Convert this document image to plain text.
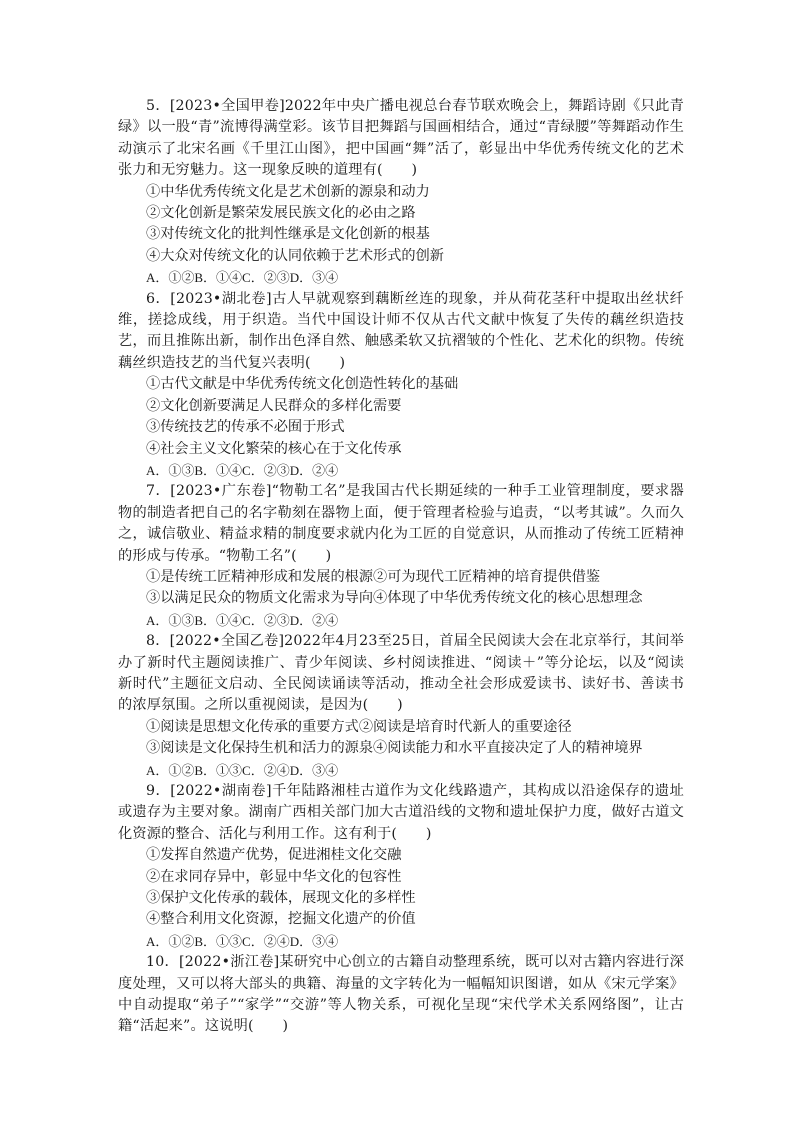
5．[2023•全国甲卷]2022年中央广播电视总台春节联欢晚会上，舞蹈诗剧《只此青绿》以一股“青”流博得满堂彩。该节目把舞蹈与国画相结合，通过“青绿腰”等舞蹈动作生动演示了北宋名画《千里江山图》，把中国画“舞”活了，彰显出中华优秀传统文化的艺术张力和无穷魅力。这一现象反映的道理有(　　)

①中华优秀传统文化是艺术创新的源泉和动力

②文化创新是繁荣发展民族文化的必由之路

③对传统文化的批判性继承是文化创新的根基

④大众对传统文化的认同依赖于艺术形式的创新

A．①②B．①④C．②③D．③④

6．[2023•湖北卷]古人早就观察到藕断丝连的现象，并从荷花茎秆中提取出丝状纤维，搓捻成线，用于织造。当代中国设计师不仅从古代文献中恢复了失传的藕丝织造技艺，而且推陈出新，制作出色泽自然、触感柔软又抗褶皱的个性化、艺术化的织物。传统藕丝织造技艺的当代复兴表明(　　)

①古代文献是中华优秀传统文化创造性转化的基础

②文化创新要满足人民群众的多样化需要

③传统技艺的传承不必囿于形式

④社会主义文化繁荣的核心在于文化传承

A．①③B．①④C．②③D．②④

7．[2023•广东卷]“物勒工名”是我国古代长期延续的一种手工业管理制度，要求器物的制造者把自己的名字勒刻在器物上面，便于管理者检验与追责，“以考其诚”。久而久之，诚信敬业、精益求精的制度要求就内化为工匠的自觉意识，从而推动了传统工匠精神的形成与传承。“物勒工名”(　　)

①是传统工匠精神形成和发展的根源②可为现代工匠精神的培育提供借鉴

③以满足民众的物质文化需求为导向④体现了中华优秀传统文化的核心思想理念

A．①③B．①④C．②③D．②④

8．[2022•全国乙卷]2022年4月23至25日，首届全民阅读大会在北京举行，其间举办了新时代主题阅读推广、青少年阅读、乡村阅读推进、“阅读＋”等分论坛，以及“阅读新时代”主题征文启动、全民阅读诵读等活动，推动全社会形成爱读书、读好书、善读书的浓厚氛围。之所以重视阅读，是因为(　　)

①阅读是思想文化传承的重要方式②阅读是培育时代新人的重要途径

③阅读是文化保持生机和活力的源泉④阅读能力和水平直接决定了人的精神境界

A．①②B．①③C．②④D．③④

9．[2022•湖南卷]千年陆路湘桂古道作为文化线路遗产，其构成以沿途保存的遗址或遗存为主要对象。湖南广西相关部门加大古道沿线的文物和遗址保护力度，做好古道文化资源的整合、活化与利用工作。这有利于(　　)

①发挥自然遗产优势，促进湘桂文化交融

②在求同存异中，彰显中华文化的包容性

③保护文化传承的载体，展现文化的多样性

④整合利用文化资源，挖掘文化遗产的价值

A．①②B．①③C．②④D．③④

10．[2022•浙江卷]某研究中心创立的古籍自动整理系统，既可以对古籍内容进行深度处理，又可以将大部头的典籍、海量的文字转化为一幅幅知识图谱，如从《宋元学案》中自动提取“弟子”“家学”“交游”等人物关系，可视化呈现“宋代学术关系网络图”，让古籍“活起来”。这说明(　　)
